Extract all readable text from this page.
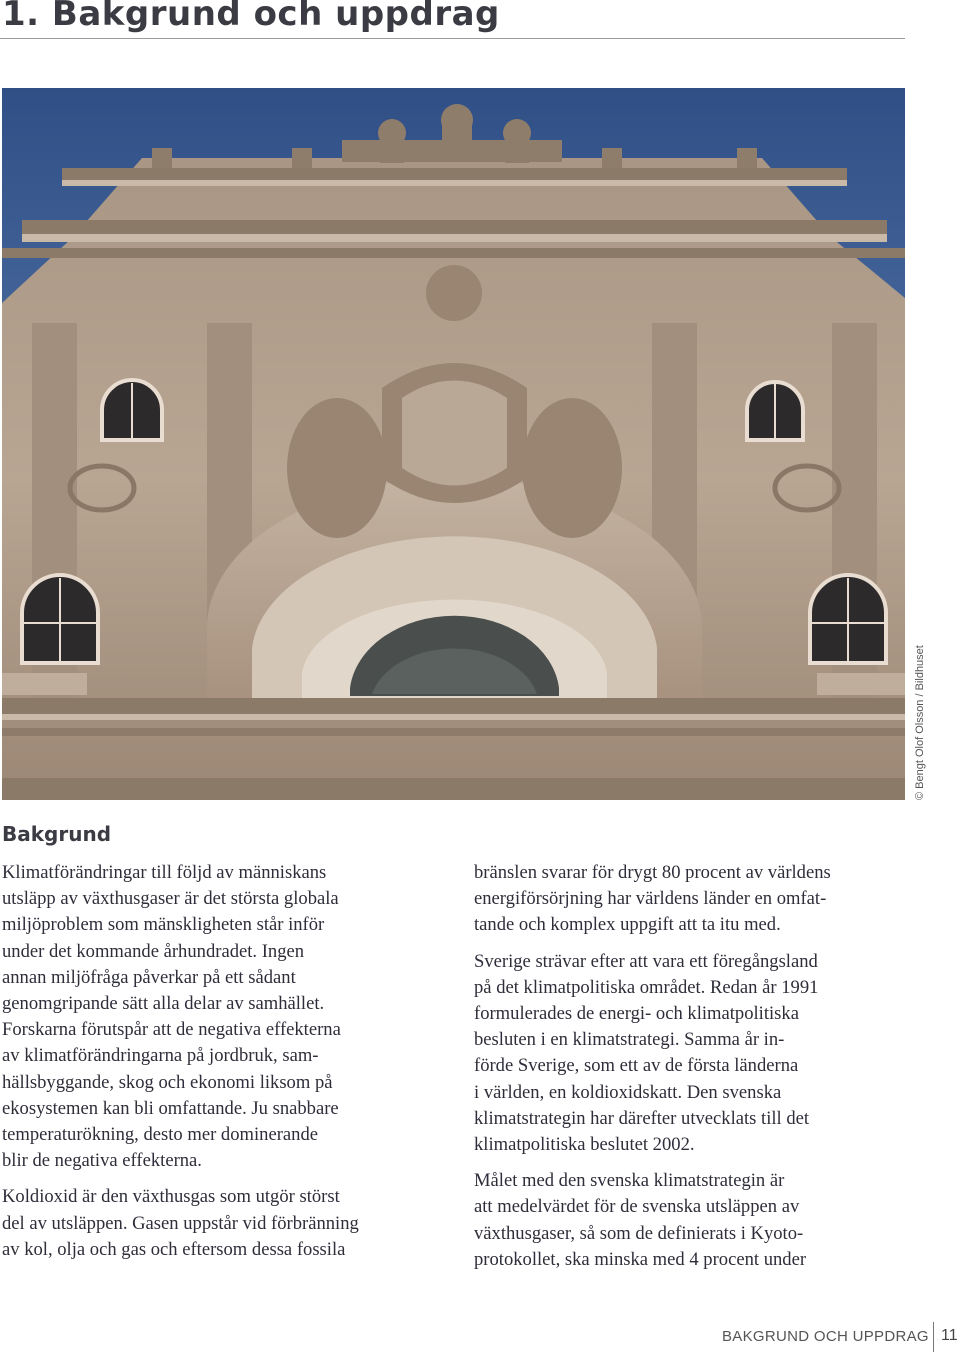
1. Bakgrund och uppdrag
© Bengt Olof Olsson / Bildhuset
Bakgrund
Klimatförändringar till följd av människans
utsläpp av växthusgaser är det största globala
miljöproblem som mänskligheten står inför
under det kommande århundradet. Ingen
annan miljöfråga påverkar på ett sådant
genomgripande sätt alla delar av samhället.
Forskarna förutspår att de negativa effekterna
av klimatförändringarna på jordbruk, sam-
hällsbyggande, skog och ekonomi liksom på
ekosystemen kan bli omfattande. Ju snabbare
temperaturökning, desto mer dominerande
blir de negativa effekterna.
Koldioxid är den växthusgas som utgör störst
del av utsläppen. Gasen uppstår vid förbränning
av kol, olja och gas och eftersom dessa fossila
bränslen svarar för drygt 80 procent av världens
energiförsörjning har världens länder en omfat-
tande och komplex uppgift att ta itu med.
Sverige strävar efter att vara ett föregångsland
på det klimatpolitiska området. Redan år 1991
formulerades de energi- och klimatpolitiska
besluten i en klimatstrategi. Samma år in-
förde Sverige, som ett av de första länderna
i världen, en koldioxidskatt. Den svenska
klimatstrategin har därefter utvecklats till det
klimatpolitiska beslutet 2002.
Målet med den svenska klimatstrategin är
att medelvärdet för de svenska utsläppen av
växthusgaser, så som de definierats i Kyoto-
protokollet, ska minska med 4 procent under
BAKGRUND OCH UPPDRAG 11
